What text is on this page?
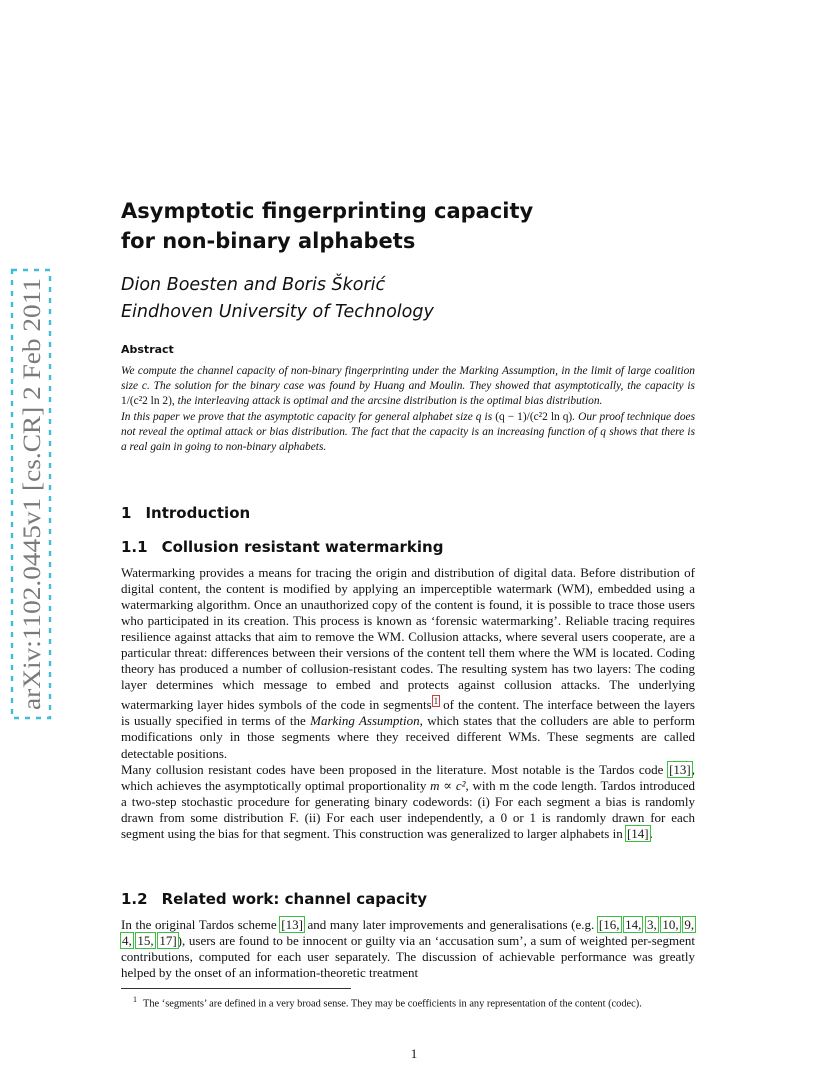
arXiv:1102.0445v1 [cs.CR] 2 Feb 2011
Asymptotic fingerprinting capacity
for non-binary alphabets
Dion Boesten and Boris Škorić
Eindhoven University of Technology
Abstract

We compute the channel capacity of non-binary fingerprinting under the Marking Assumption, in the limit of large coalition size c. The solution for the binary case was found by Huang and Moulin. They showed that asymptotically, the capacity is 1/(c²2 ln 2), the interleaving attack is optimal and the arcsine distribution is the optimal bias distribution.

In this paper we prove that the asymptotic capacity for general alphabet size q is (q − 1)/(c²2 ln q). Our proof technique does not reveal the optimal attack or bias distribution. The fact that the capacity is an increasing function of q shows that there is a real gain in going to non-binary alphabets.

1 Introduction
1.1 Collusion resistant watermarking

Watermarking provides a means for tracing the origin and distribution of digital data. Before distribution of digital content, the content is modified by applying an imperceptible watermark (WM), embedded using a watermarking algorithm. Once an unauthorized copy of the content is found, it is possible to trace those users who participated in its creation. This process is known as ‘forensic watermarking’. Reliable tracing requires resilience against attacks that aim to remove the WM. Collusion attacks, where several users cooperate, are a particular threat: differences between their versions of the content tell them where the WM is located. Coding theory has produced a number of collusion-resistant codes. The resulting system has two layers: The coding layer determines which message to embed and protects against collusion attacks. The underlying watermarking layer hides symbols of the code in segments $^1$ of the content. The interface between the layers is usually specified in terms of the Marking Assumption, which states that the colluders are able to perform modifications only in those segments where they received different WMs. These segments are called detectable positions.

Many collusion resistant codes have been proposed in the literature. Most notable is the Tardos code [13], which achieves the asymptotically optimal proportionality m ∝ c², with m the code length. Tardos introduced a two-step stochastic procedure for generating binary codewords: (i) For each segment a bias is randomly drawn from some distribution F. (ii) For each user independently, a 0 or 1 is randomly drawn for each segment using the bias for that segment. This construction was generalized to larger alphabets in [14].

1.2 Related work: channel capacity

In the original Tardos scheme [13] and many later improvements and generalisations (e.g. [16, 14, 3, 10, 9, 4, 15, 17]), users are found to be innocent or guilty via an ‘accusation sum’, a sum of weighted per-segment contributions, computed for each user separately. The discussion of achievable performance was greatly helped by the onset of an information-theoretic treatment

$^1$ The ‘segments’ are defined in a very broad sense. They may be coefficients in any representation of the content (codec).
1
